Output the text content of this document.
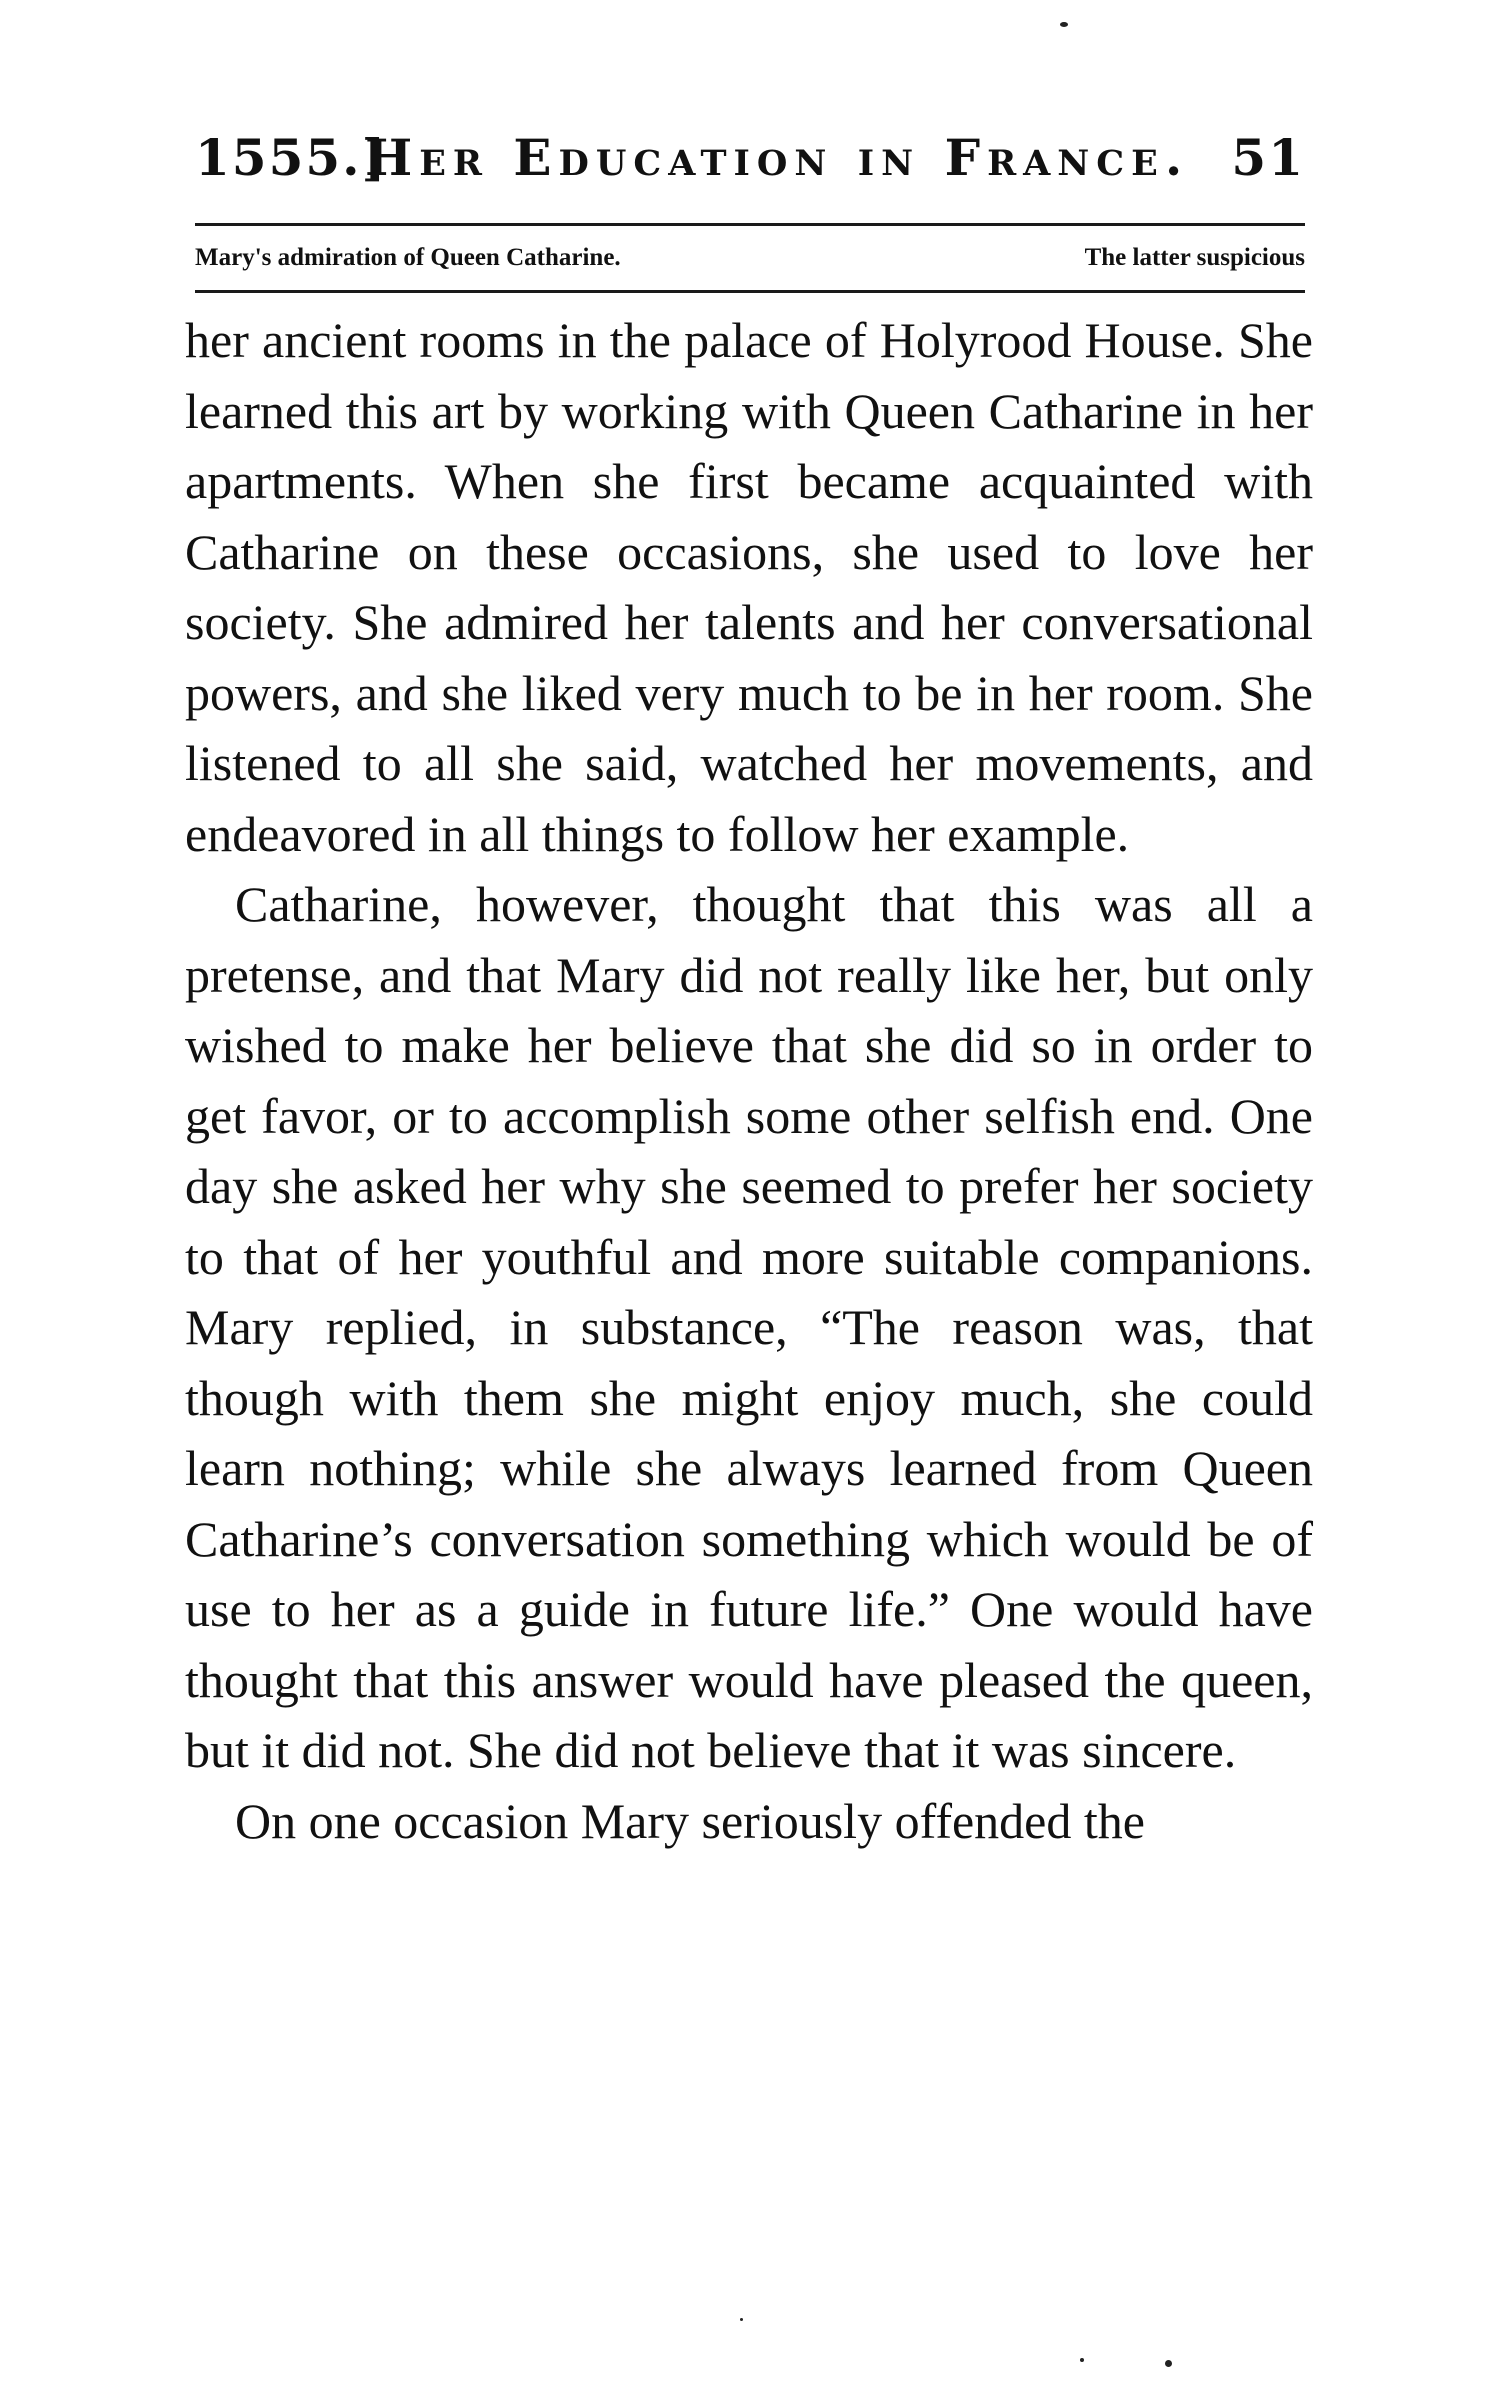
1555.]
Her Education in France. 51
Mary's admiration of Queen Catharine.	The latter suspicious

her ancient rooms in the palace of Holyrood House. She learned this art by working with Queen Catharine in her apartments. When she first became acquainted with Catharine on these occasions, she used to love her society. She admired her talents and her conversational powers, and she liked very much to be in her room. She listened to all she said, watched her movements, and endeavored in all things to follow her example.

Catharine, however, thought that this was all a pretense, and that Mary did not really like her, but only wished to make her believe that she did so in order to get favor, or to accomplish some other selfish end. One day she asked her why she seemed to prefer her society to that of her youthful and more suitable companions. Mary replied, in substance, “The reason was, that though with them she might enjoy much, she could learn nothing; while she always learned from Queen Catharine’s conversation something which would be of use to her as a guide in future life.” One would have thought that this answer would have pleased the queen, but it did not. She did not believe that it was sincere.

On one occasion Mary seriously offended the
